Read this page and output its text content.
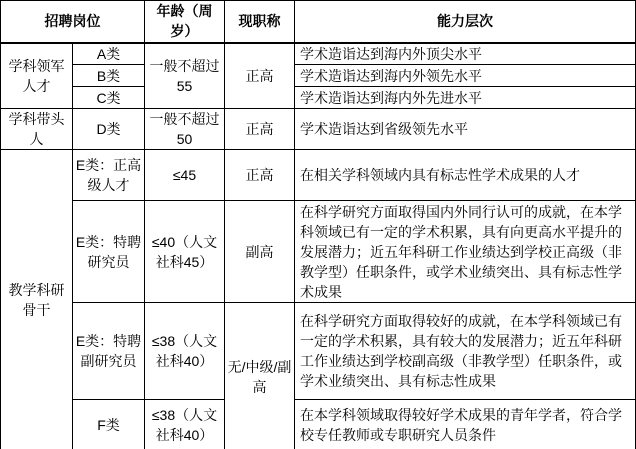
招聘岗位		年龄（周岁）	现职称	能力层次
学科领军人才	A类	一般不超过55	正高	学术造诣达到海内外顶尖水平
	B类			学术造诣达到海内外领先水平
	C类			学术造诣达到海内外先进水平
学科带头人	D类	一般不超过50	正高	学术造诣达到省级领先水平
教学科研骨干	E类：正高级人才	≤45	正高	在相关学科领域内具有标志性学术成果的人才
	E类：特聘研究员	≤40（人文社科45）	副高	在科学研究方面取得国内外同行认可的成就，在本学科领域已有一定的学术积累，具有向更高水平提升的发展潜力；近五年科研工作业绩达到学校正高级（非教学型）任职条件，或学术业绩突出、具有标志性学术成果
	E类：特聘副研究员	≤38（人文社科40）	无/中级/副高	在科学研究方面取得较好的成就，在本学科领域已有一定的学术积累，具有较大的发展潜力；近五年科研工作业绩达到学校副高级（非教学型）任职条件，或学术业绩突出、具有标志性成果
	F类	≤38（人文社科40）		在本学科领域取得较好学术成果的青年学者，符合学校专任教师或专职研究人员条件
